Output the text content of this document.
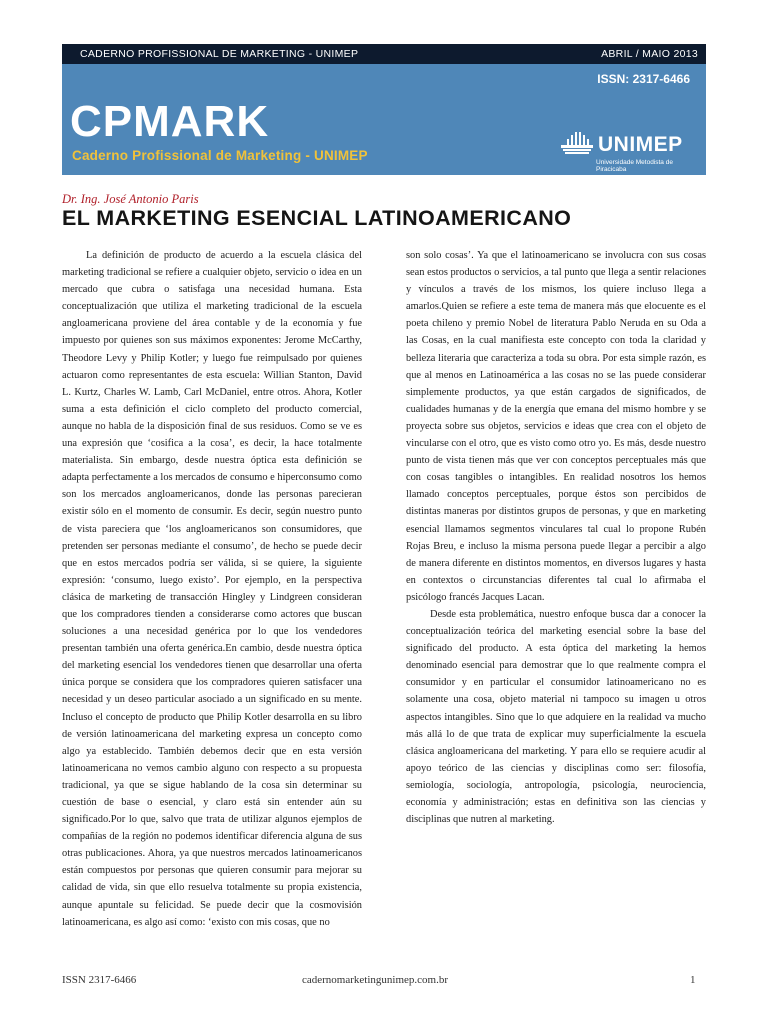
CADERNO PROFISSIONAL DE MARKETING - UNIMEP	ABRIL / MAIO 2013
ISSN: 2317-6466
CPMARK
Caderno Profissional de Marketing - UNIMEP	UNIMEP
Universidade Metodista de Piracicaba
Dr. Ing. José Antonio Paris
EL MARKETING ESENCIAL LATINOAMERICANO

La definición de producto de acuerdo a la escuela clásica del marketing tradicional se refiere a cualquier objeto, servicio o idea en un mercado que cubra o satisfaga una necesidad humana. Esta conceptualización que utiliza el marketing tradicional de la escuela angloamericana proviene del área contable y de la economía y fue impuesto por quienes son sus máximos exponentes: Jerome McCarthy, Theodore Levy y Philip Kotler; y luego fue reimpulsado por quienes actuaron como representantes de esta escuela: Willian Stanton, David L. Kurtz, Charles W. Lamb, Carl McDaniel, entre otros. Ahora, Kotler suma a esta definición el ciclo completo del producto comercial, aunque no habla de la disposición final de sus residuos. Como se ve es una expresión que ‘cosifica a la cosa’, es decir, la hace totalmente materialista. Sin embargo, desde nuestra óptica esta definición se adapta perfectamente a los mercados de consumo e hiperconsumo como son los mercados angloamericanos, donde las personas parecieran existir sólo en el momento de consumir. Es decir, según nuestro punto de vista pareciera que ‘los angloamericanos son consumidores, que pretenden ser personas mediante el consumo’, de hecho se puede decir que en estos mercados podría ser válida, si se quiere, la siguiente expresión: ‘consumo, luego existo’. Por ejemplo, en la perspectiva clásica de marketing de transacción Hingley y Lindgreen consideran que los compradores tienden a considerarse como actores que buscan soluciones a una necesidad genérica por lo que los vendedores presentan también una oferta genérica.En cambio, desde nuestra óptica del marketing esencial los vendedores tienen que desarrollar una oferta única porque se considera que los compradores quieren satisfacer una necesidad y un deseo particular asociado a un significado en su mente. Incluso el concepto de producto que Philip Kotler desarrolla en su libro de versión latinoamericana del marketing expresa un concepto como algo ya establecido. También debemos decir que en esta versión latinoamericana no vemos cambio alguno con respecto a su propuesta tradicional, ya que se sigue hablando de la cosa sin determinar su cuestión de base o esencial, y claro está sin entender aún su significado.Por lo que, salvo que trata de utilizar algunos ejemplos de compañías de la región no podemos identificar diferencia alguna de sus otras publicaciones. Ahora, ya que nuestros mercados latinoamericanos están compuestos por personas que quieren consumir para mejorar su calidad de vida, sin que ello resuelva totalmente su propia existencia, aunque apuntale su felicidad. Se puede decir que la cosmovisión latinoamericana, es algo así como: ‘existo con mis cosas, que no

son solo cosas’. Ya que el latinoamericano se involucra con sus cosas sean estos productos o servicios, a tal punto que llega a sentir relaciones y vínculos a través de los mismos, los quiere incluso llega a amarlos.Quien se refiere a este tema de manera más que elocuente es el poeta chileno y premio Nobel de literatura Pablo Neruda en su Oda a las Cosas, en la cual manifiesta este concepto con toda la claridad y belleza literaria que caracteriza a toda su obra. Por esta simple razón, es que al menos en Latinoamérica a las cosas no se las puede considerar simplemente productos, ya que están cargados de significados, de cualidades humanas y de la energía que emana del mismo hombre y se proyecta sobre sus objetos, servicios e ideas que crea con el objeto de vincularse con el otro, que es visto como otro yo. Es más, desde nuestro punto de vista tienen más que ver con conceptos perceptuales más que con cosas tangibles o intangibles. En realidad nosotros los hemos llamado conceptos perceptuales, porque éstos son percibidos de distintas maneras por distintos grupos de personas, y que en marketing esencial llamamos segmentos vinculares tal cual lo propone Rubén Rojas Breu, e incluso la misma persona puede llegar a percibir a algo de manera diferente en distintos momentos, en diversos lugares y hasta en contextos o circunstancias diferentes tal cual lo afirmaba el psicólogo francés Jacques Lacan.

Desde esta problemática, nuestro enfoque busca dar a conocer la conceptualización teórica del marketing esencial sobre la base del significado del producto. A esta óptica del marketing la hemos denominado esencial para demostrar que lo que realmente compra el consumidor y en particular el consumidor latinoamericano no es solamente una cosa, objeto material ni tampoco su imagen u otros aspectos intangibles. Sino que lo que adquiere en la realidad va mucho más allá lo de que trata de explicar muy superficialmente la escuela clásica angloamericana del marketing. Y para ello se requiere acudir al apoyo teórico de las ciencias y disciplinas como ser: filosofía, semiología, sociología, antropología, psicología, neurociencia, economía y administración; estas en definitiva son las ciencias y disciplinas que nutren al marketing.

ISSN 2317-6466	cadernomarketingunimep.com.br	1
